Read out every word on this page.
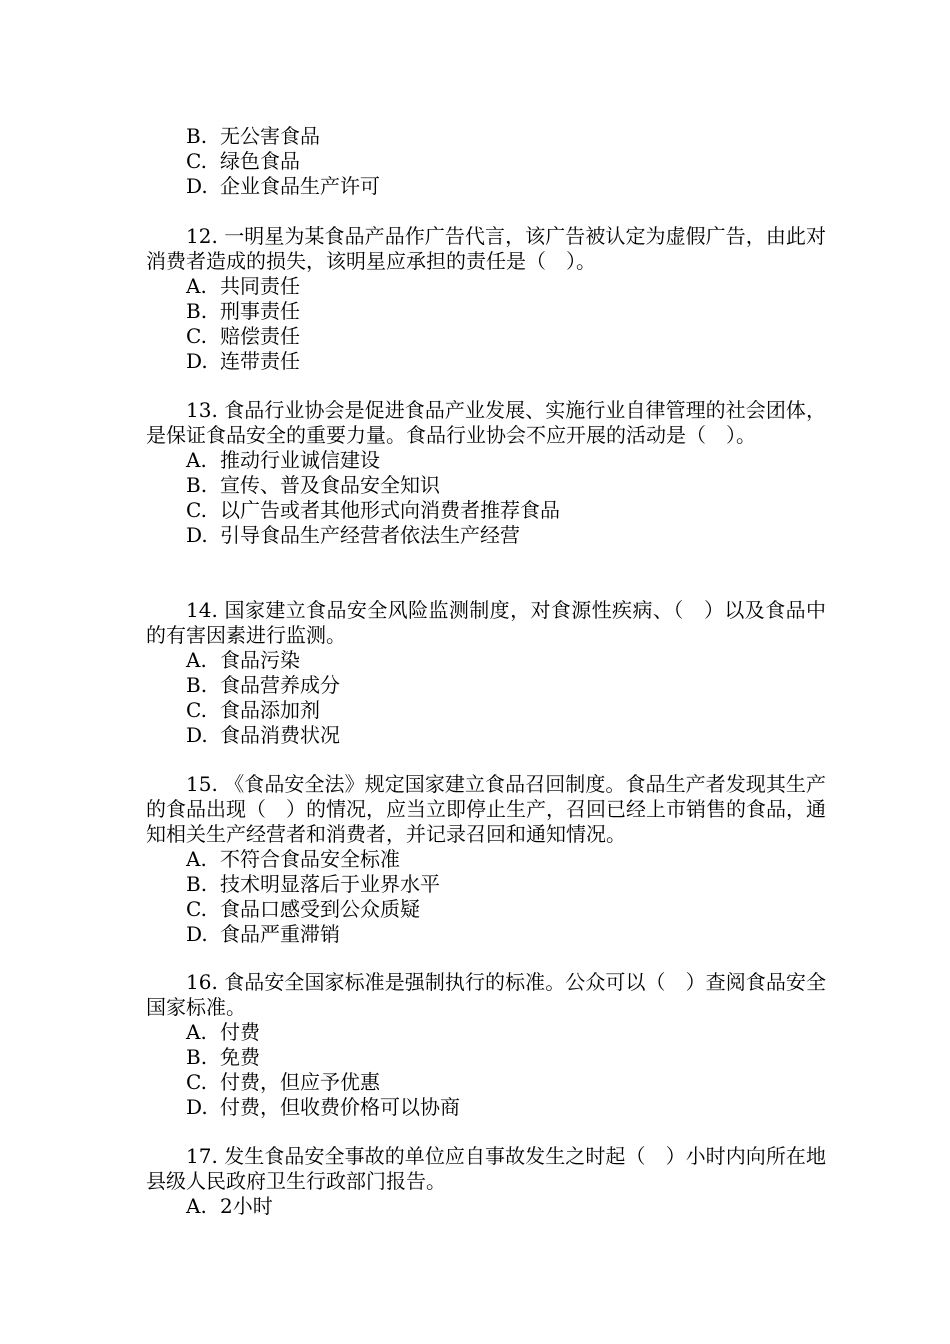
B. 无公害食品
C. 绿色食品
D. 企业食品生产许可
12. 一明星为某食品产品作广告代言，该广告被认定为虚假广告，由此对消费者造成的损失，该明星应承担的责任是（　）。
A. 共同责任
B. 刑事责任
C. 赔偿责任
D. 连带责任
13. 食品行业协会是促进食品产业发展、实施行业自律管理的社会团体，是保证食品安全的重要力量。食品行业协会不应开展的活动是（　）。
A. 推动行业诚信建设
B. 宣传、普及食品安全知识
C. 以广告或者其他形式向消费者推荐食品
D. 引导食品生产经营者依法生产经营
14. 国家建立食品安全风险监测制度，对食源性疾病、（　）以及食品中的有害因素进行监测。
A. 食品污染
B. 食品营养成分
C. 食品添加剂
D. 食品消费状况
15. 《食品安全法》规定国家建立食品召回制度。食品生产者发现其生产的食品出现（　）的情况，应当立即停止生产，召回已经上市销售的食品，通知相关生产经营者和消费者，并记录召回和通知情况。
A. 不符合食品安全标准
B. 技术明显落后于业界水平
C. 食品口感受到公众质疑
D. 食品严重滞销
16. 食品安全国家标准是强制执行的标准。公众可以（　）查阅食品安全国家标准。
A. 付费
B. 免费
C. 付费，但应予优惠
D. 付费，但收费价格可以协商
17. 发生食品安全事故的单位应自事故发生之时起（　）小时内向所在地县级人民政府卫生行政部门报告。
A. 2小时
